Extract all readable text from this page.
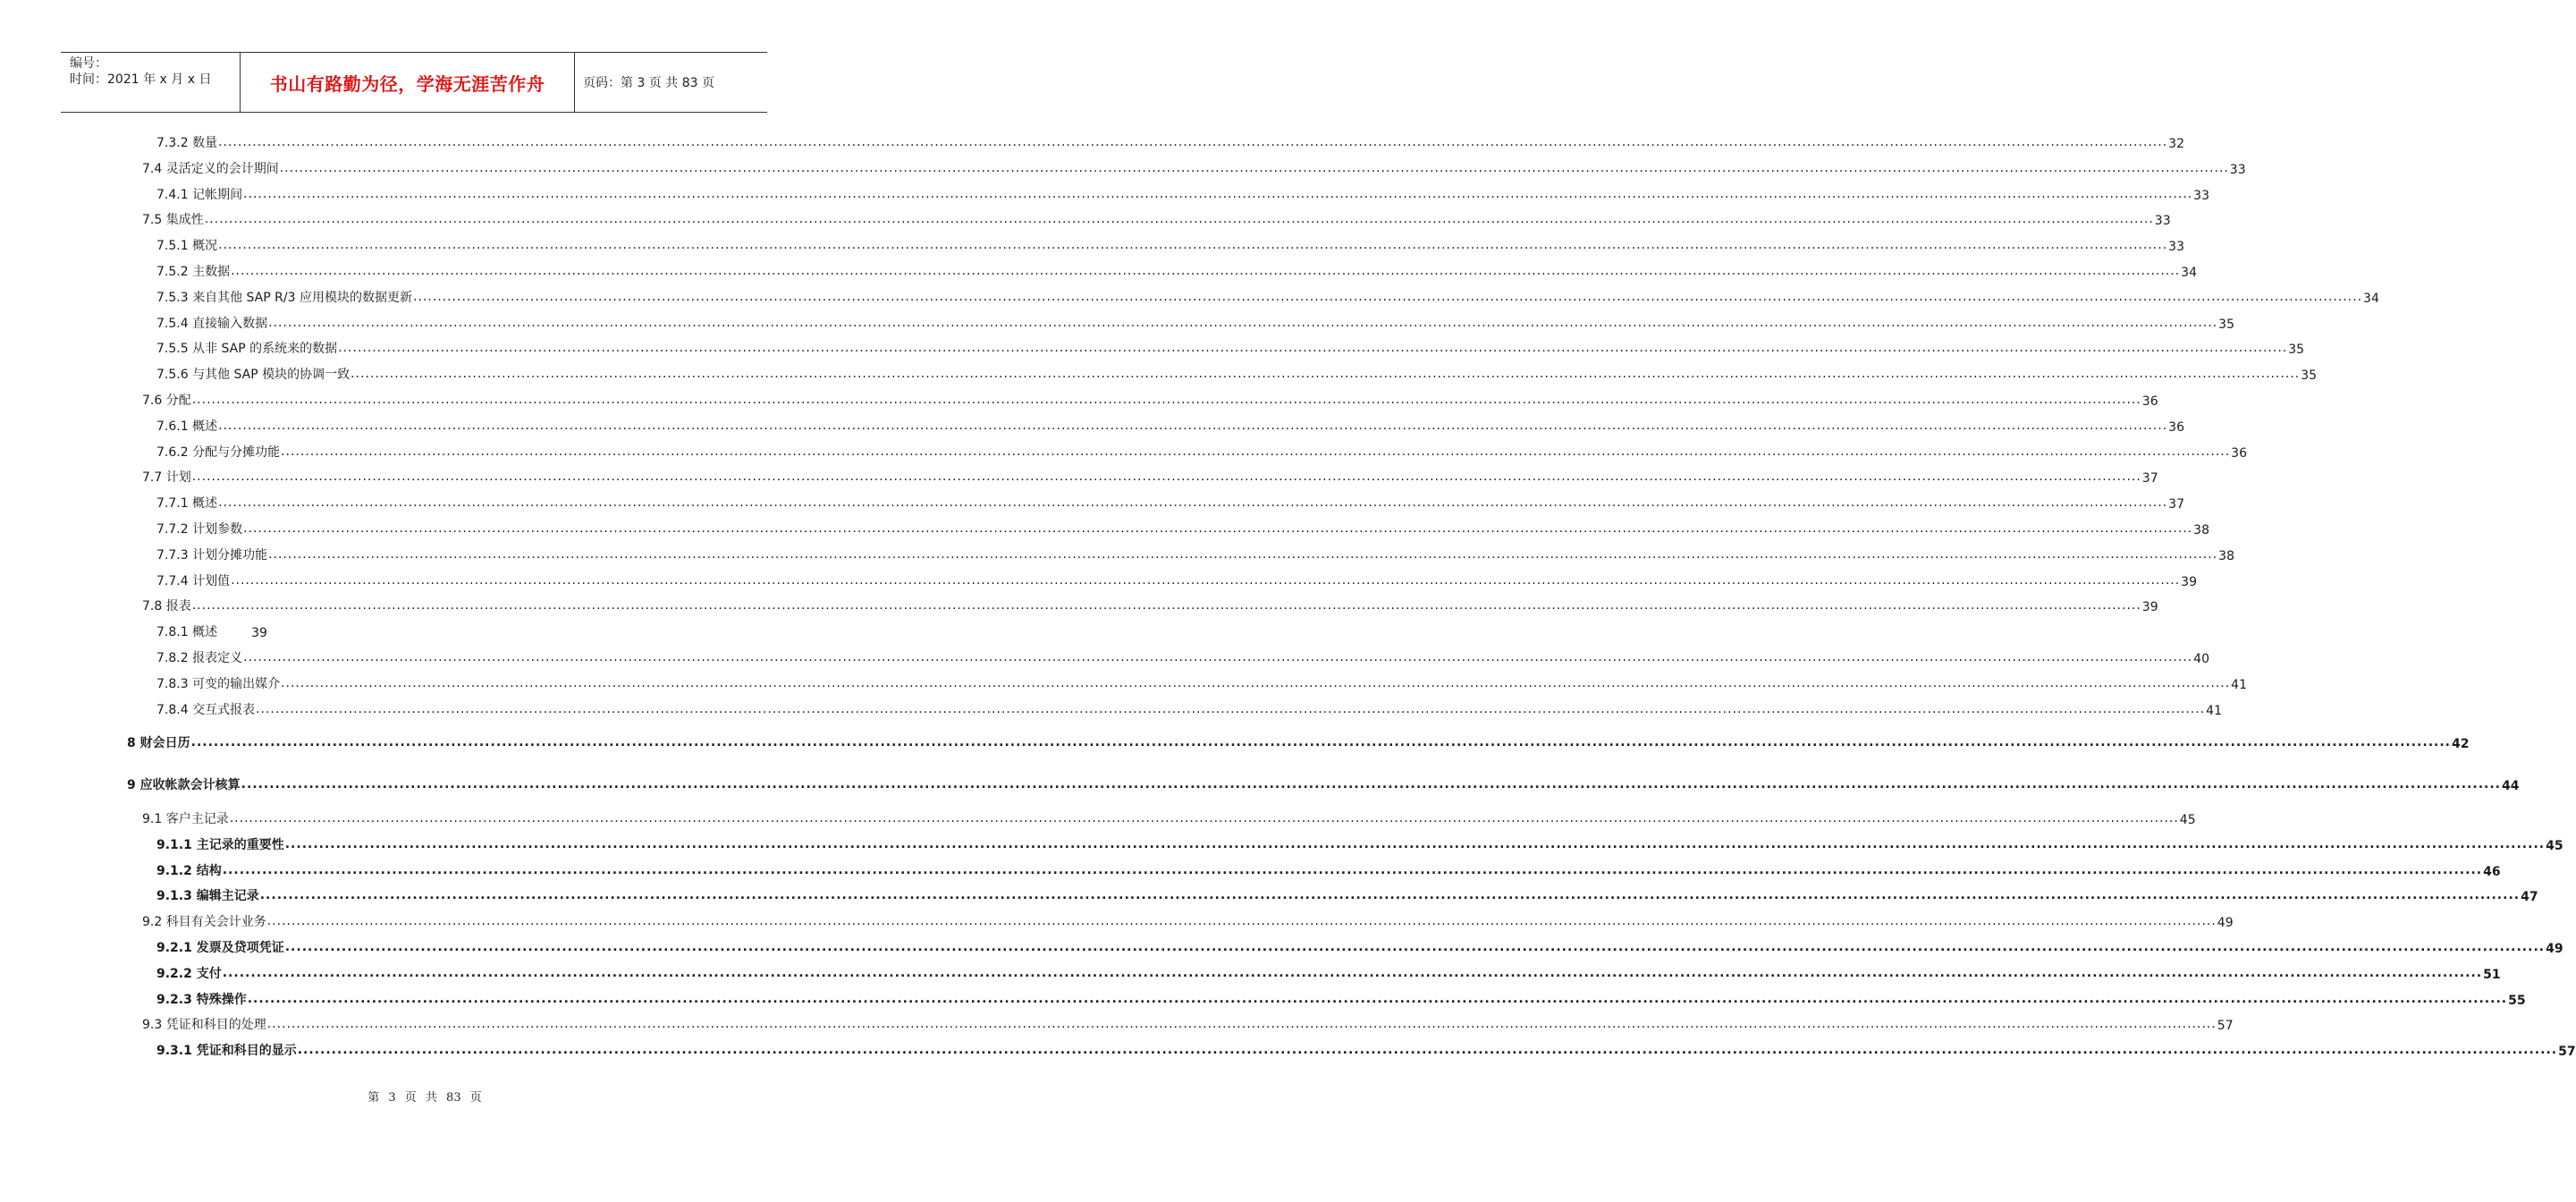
编号：
时间：2021 年 x 月 x 日	书山有路勤为径，学海无涯苦作舟	页码：第 3 页 共 83 页
7.3.2 数量 ................................................................................................................................................................................................................................................................................................................................................................................................................ 32
7.4 灵活定义的会计期间 ................................................................................................................................................................................................................................................................................................................................................................................................................ 33
7.4.1 记帐期间 ................................................................................................................................................................................................................................................................................................................................................................................................................ 33
7.5 集成性 ................................................................................................................................................................................................................................................................................................................................................................................................................ 33
7.5.1 概况 ................................................................................................................................................................................................................................................................................................................................................................................................................ 33
7.5.2 主数据 ................................................................................................................................................................................................................................................................................................................................................................................................................ 34
7.5.3 来自其他 SAP R/3 应用模块的数据更新 ................................................................................................................................................................................................................................................................................................................................................................................................................ 34
7.5.4 直接输入数据 ................................................................................................................................................................................................................................................................................................................................................................................................................ 35
7.5.5 从非 SAP 的系统来的数据 ................................................................................................................................................................................................................................................................................................................................................................................................................ 35
7.5.6 与其他 SAP 模块的协调一致 ................................................................................................................................................................................................................................................................................................................................................................................................................ 35
7.6 分配 ................................................................................................................................................................................................................................................................................................................................................................................................................ 36
7.6.1 概述 ................................................................................................................................................................................................................................................................................................................................................................................................................ 36
7.6.2 分配与分摊功能 ................................................................................................................................................................................................................................................................................................................................................................................................................ 36
7.7 计划 ................................................................................................................................................................................................................................................................................................................................................................................................................ 37
7.7.1 概述 ................................................................................................................................................................................................................................................................................................................................................................................................................ 37
7.7.2 计划参数 ................................................................................................................................................................................................................................................................................................................................................................................................................ 38
7.7.3 计划分摊功能 ................................................................................................................................................................................................................................................................................................................................................................................................................ 38
7.7.4 计划值 ................................................................................................................................................................................................................................................................................................................................................................................................................ 39
7.8 报表 ................................................................................................................................................................................................................................................................................................................................................................................................................ 39
7.8.1 概述	39
7.8.2 报表定义 ................................................................................................................................................................................................................................................................................................................................................................................................................ 40
7.8.3 可变的输出媒介 ................................................................................................................................................................................................................................................................................................................................................................................................................ 41
7.8.4 交互式报表 ................................................................................................................................................................................................................................................................................................................................................................................................................ 41
8 财会日历 ................................................................................................................................................................................................................................................................................................................................................................................................................ 42
9 应收帐款会计核算 ................................................................................................................................................................................................................................................................................................................................................................................................................ 44
9.1 客户主记录 ................................................................................................................................................................................................................................................................................................................................................................................................................ 45
9.1.1 主记录的重要性 ................................................................................................................................................................................................................................................................................................................................................................................................................ 45
9.1.2 结构 ................................................................................................................................................................................................................................................................................................................................................................................................................ 46
9.1.3 编辑主记录 ................................................................................................................................................................................................................................................................................................................................................................................................................ 47
9.2 科目有关会计业务 ................................................................................................................................................................................................................................................................................................................................................................................................................ 49
9.2.1 发票及贷项凭证 ................................................................................................................................................................................................................................................................................................................................................................................................................ 49
9.2.2 支付 ................................................................................................................................................................................................................................................................................................................................................................................................................ 51
9.2.3 特殊操作 ................................................................................................................................................................................................................................................................................................................................................................................................................ 55
9.3 凭证和科目的处理 ................................................................................................................................................................................................................................................................................................................................................................................................................ 57
9.3.1 凭证和科目的显示 ................................................................................................................................................................................................................................................................................................................................................................................................................ 57
第 3 页 共 83 页
